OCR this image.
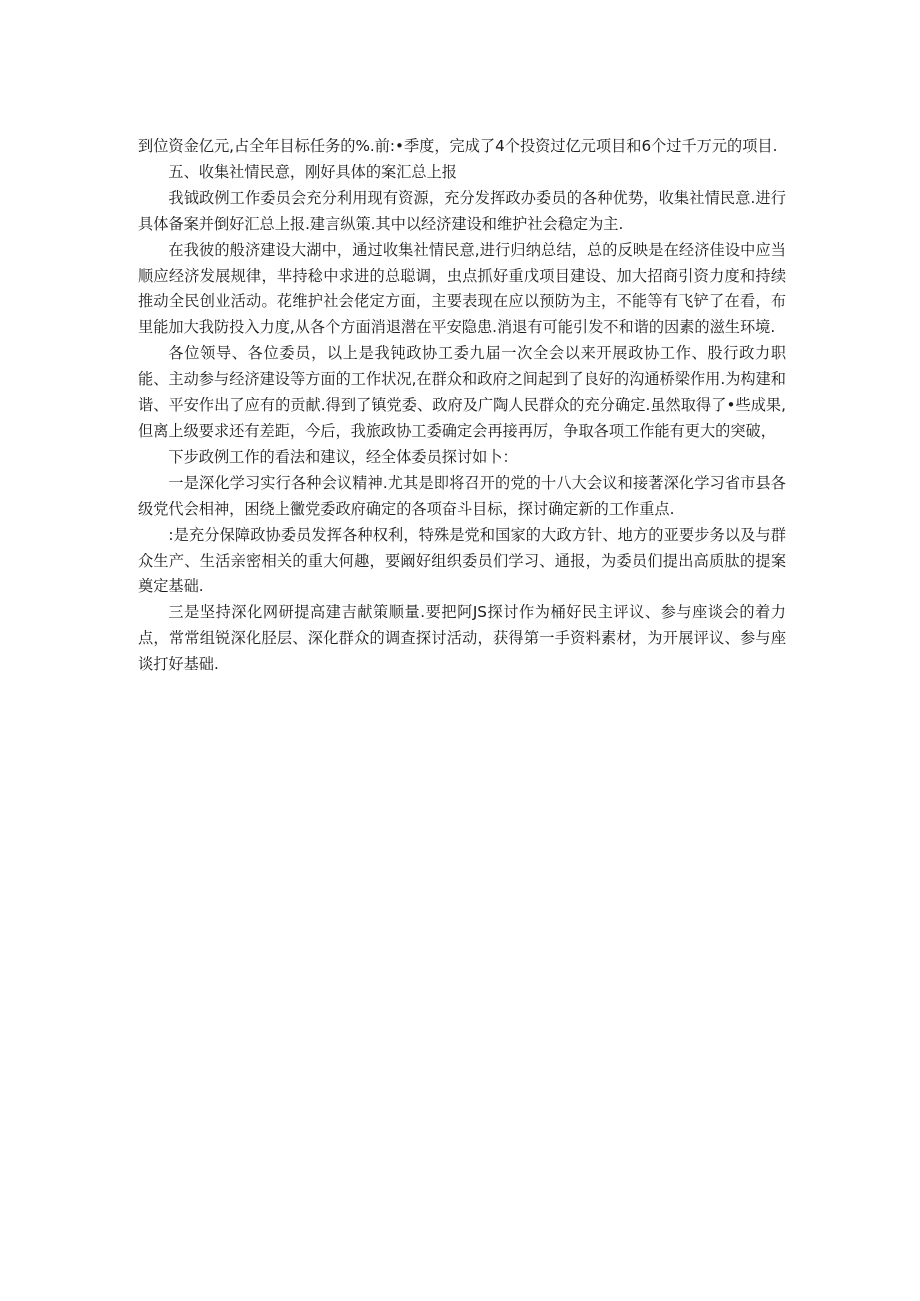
到位资金亿元,占全年目标任务的%.前:•季度，完成了4个投资过亿元项目和6个过千万元的项目.

五、收集社情民意，刚好具体的案汇总上报

我钺政例工作委员会充分利用现有资源，充分发挥政办委员的各种优势，收集社情民意.进行具体备案并倒好汇总上报.建言纵策.其中以经济建设和维护社会稳定为主.

在我彼的般济建设大湖中，通过收集社情民意,进行归纳总结，总的反映是在经济佳设中应当顺应经济发展规律，芈持稔中求进的总聪调，虫点抓好重戊项目建设、加大招商引资力度和持续推动全民创业活动。花维护社会佬定方面，主要表现在应以预防为主，不能等有飞铲了在看，布里能加大我防投入力度,从各个方面消退潜在平安隐患.消退有可能引发不和谐的因素的滋生环境.

各位领导、各位委员，以上是我钝政协工委九届一次全会以来开展政协工作、股行政力职能、主动参与经济建设等方面的工作状况,在群众和政府之间起到了良好的沟通桥梁作用.为构建和谐、平安作出了应有的贡献.得到了镇党委、政府及广陶人民群众的充分确定.虽然取得了•些成果,但离上级要求还有差距，今后，我旅政协工委确定会再接再厉，争取各项工作能有更大的突破，

下步政例工作的看法和建议，经全体委员探讨如卜：

一是深化学习实行各种会议精神.尤其是即将召开的党的十八大会议和接著深化学习省市县各级党代会相神，困绕上黴党委政府确定的各项奋斗目标，探讨确定新的工作重点.

:是充分保障政协委员发挥各种权利，特殊是党和国家的大政方针、地方的亚要步务以及与群众生产、生活亲密相关的重大何趣，要阚好组织委员们学习、通报，为委员们提出高质肽的提案奠定基础.

三是坚持深化网研提高建吉献策顺量.要把阿JS探讨作为桶好民主评议、参与座谈会的着力点，常常组锐深化胫层、深化群众的调查探讨活动，获得第一手资料素材，为开展评议、参与座谈打好基础.
